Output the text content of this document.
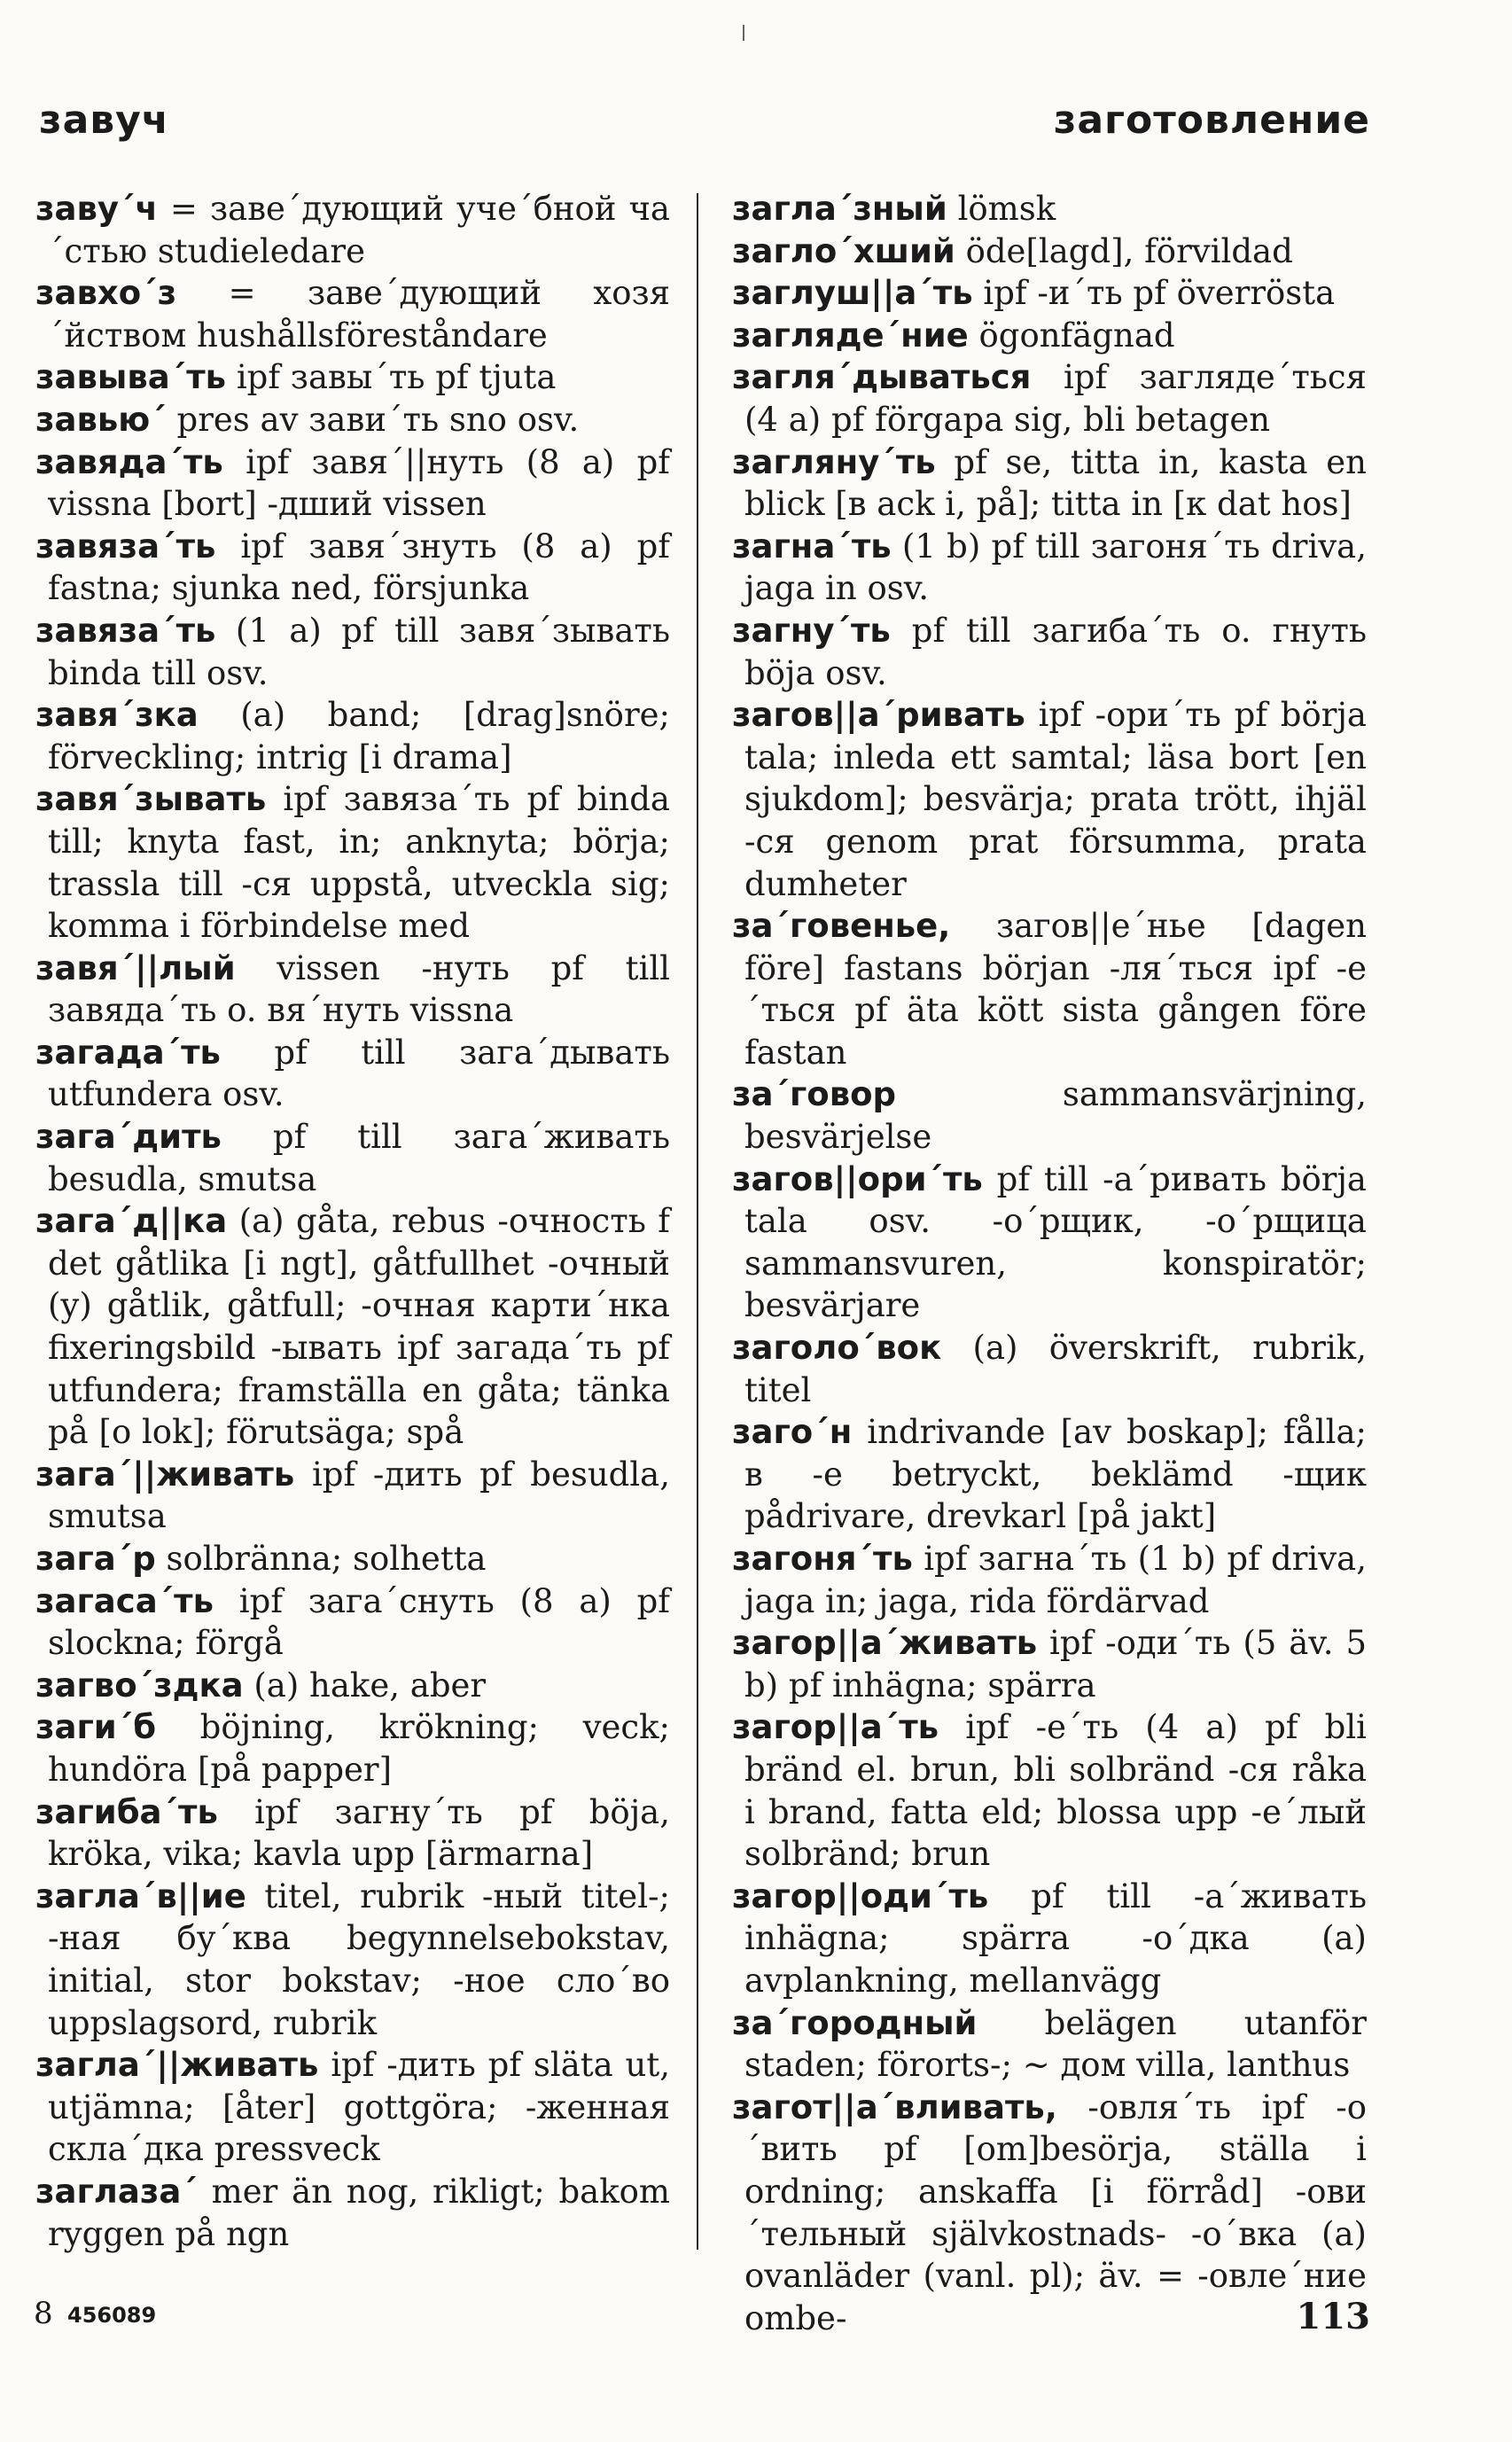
завуч	заготовление

заву´ч = заве´дующий уче´бной ча´стью studieledare

завхо´з = заве´дующий хозя´йством hushållsföreståndare

завыва´ть ipf завы´ть pf tjuta

завью´ pres av зави´ть sno osv.

завяда´ть ipf завя´||нуть (8 a) pf vissna [bort] -дший vissen

завяза´ть ipf завя´знуть (8 a) pf fastna; sjunka ned, försjunka

завяза´ть (1 a) pf till завя´зывать binda till osv.

завя´зка (a) band; [drag]snöre; förveckling; intrig [i drama]

завя´зывать ipf завяза´ть pf binda till; knyta fast, in; anknyta; börja; trassla till -ся uppstå, utveckla sig; komma i förbindelse med

завя´||лый vissen -нуть pf till завяда´ть o. вя´нуть vissna

загада´ть pf till зага´дывать utfundera osv.

зага´дить pf till зага´живать besudla, smutsa

зага´д||ка (a) gåta, rebus -очность f det gåtlika [i ngt], gåtfullhet -очный (y) gåtlik, gåtfull; -очная карти´нка fixeringsbild -ывать ipf загада´ть pf utfundera; framställa en gåta; tänka på [o lok]; förutsäga; spå

зага´||живать ipf -дить pf besudla, smutsa

зага´р solbränna; solhetta

загаса´ть ipf зага´снуть (8 a) pf slockna; förgå

загво´здка (a) hake, aber

заги´б böjning, krökning; veck; hundöra [på papper]

загиба´ть ipf загну´ть pf böja, kröka, vika; kavla upp [ärmarna]

загла´в||ие titel, rubrik -ный titel-; -ная бу´ква begynnelsebokstav, initial, stor bokstav; -ное сло´во uppslagsord, rubrik

загла´||живать ipf -дить pf släta ut, utjämna; [åter] gottgöra; -женная скла´дка pressveck

заглаза´ mer än nog, rikligt; bakom ryggen på ngn

загла´зный lömsk

загло´хший öde[lagd], förvildad

заглуш||а´ть ipf -и´ть pf överrösta

загляде´ние ögonfägnad

загля´дываться ipf загляде´ться (4 a) pf förgapa sig, bli betagen

загляну´ть pf se, titta in, kasta en blick [в ack i, på]; titta in [к dat hos]

загна´ть (1 b) pf till загоня´ть driva, jaga in osv.

загну´ть pf till загиба´ть o. гнуть böja osv.

загов||а´ривать ipf -ори´ть pf börja tala; inleda ett samtal; läsa bort [en sjukdom]; besvärja; prata trött, ihjäl -ся genom prat försumma, prata dumheter

за´говенье, загов||е´нье [dagen före] fastans början -ля´ться ipf -е´ться pf äta kött sista gången före fastan

за´говор sammansvärjning, besvärjelse

загов||ори´ть pf till -а´ривать börja tala osv. -о´рщик, -о´рщица sammansvuren, konspiratör; besvärjare

заголо´вок (a) överskrift, rubrik, titel

заго´н indrivande [av boskap]; fålla; в -е betryckt, beklämd -щик pådrivare, drevkarl [på jakt]

загоня´ть ipf загна´ть (1 b) pf driva, jaga in; jaga, rida fördärvad

загор||а´живать ipf -оди´ть (5 äv. 5 b) pf inhägna; spärra

загор||а´ть ipf -е´ть (4 a) pf bli bränd el. brun, bli solbränd -ся råka i brand, fatta eld; blossa upp -е´лый solbränd; brun

загор||оди´ть pf till -а´живать inhägna; spärra -о´дка (a) avplankning, mellanvägg

за´городный belägen utanför staden; förorts-; ~ дом villa, lanthus

загот||а´вливать, -овля´ть ipf -о´вить pf [om]besörja, ställa i ordning; anskaffa [i förråd] -ови´тельный självkostnads- -о´вка (a) ovanläder (vanl. pl); äv. = -овле´ние ombe-

8 456089	113
